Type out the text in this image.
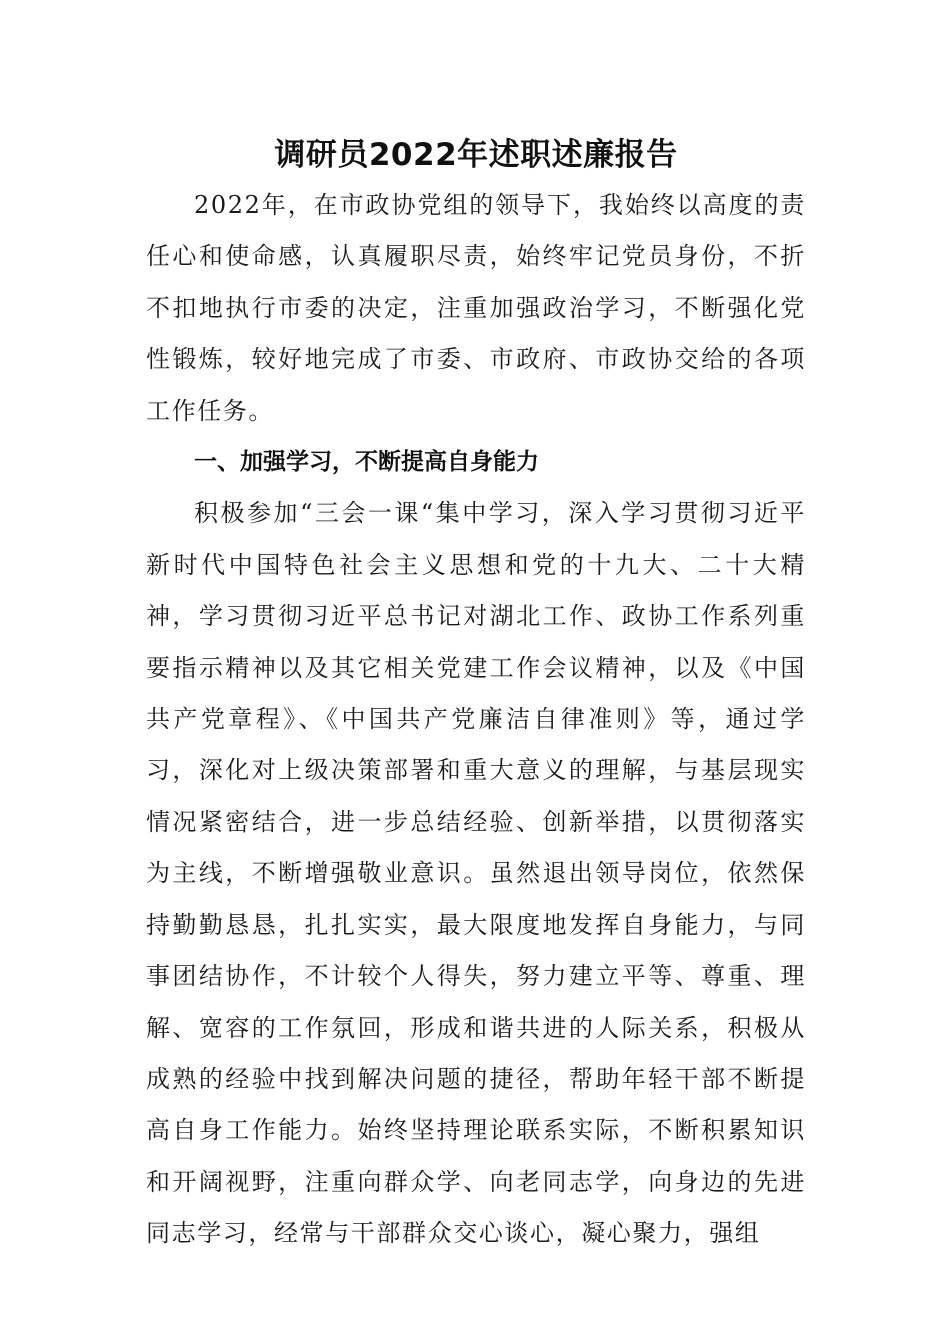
调研员2022年述职述廉报告

2022年，在市政协党组的领导下，我始终以高度的责任心和使命感，认真履职尽责，始终牢记党员身份，不折不扣地执行市委的决定，注重加强政治学习，不断强化党性锻炼，较好地完成了市委、市政府、市政协交给的各项工作任务。

一、加强学习，不断提高自身能力

积极参加“三会一课“集中学习，深入学习贯彻习近平新时代中国特色社会主义思想和党的十九大、二十大精神，学习贯彻习近平总书记对湖北工作、政协工作系列重要指示精神以及其它相关党建工作会议精神，以及《中国共产党章程》、《中国共产党廉洁自律准则》等，通过学习，深化对上级决策部署和重大意义的理解，与基层现实情况紧密结合，进一步总结经验、创新举措，以贯彻落实为主线，不断增强敬业意识。虽然退出领导岗位，依然保持勤勤恳恳，扎扎实实，最大限度地发挥自身能力，与同事团结协作，不计较个人得失，努力建立平等、尊重、理解、宽容的工作氛回，形成和谐共进的人际关系，积极从成熟的经验中找到解决问题的捷径，帮助年轻干部不断提高自身工作能力。始终坚持理论联系实际，不断积累知识和开阔视野，注重向群众学、向老同志学，向身边的先进同志学习，经常与干部群众交心谈心，凝心聚力，强组
